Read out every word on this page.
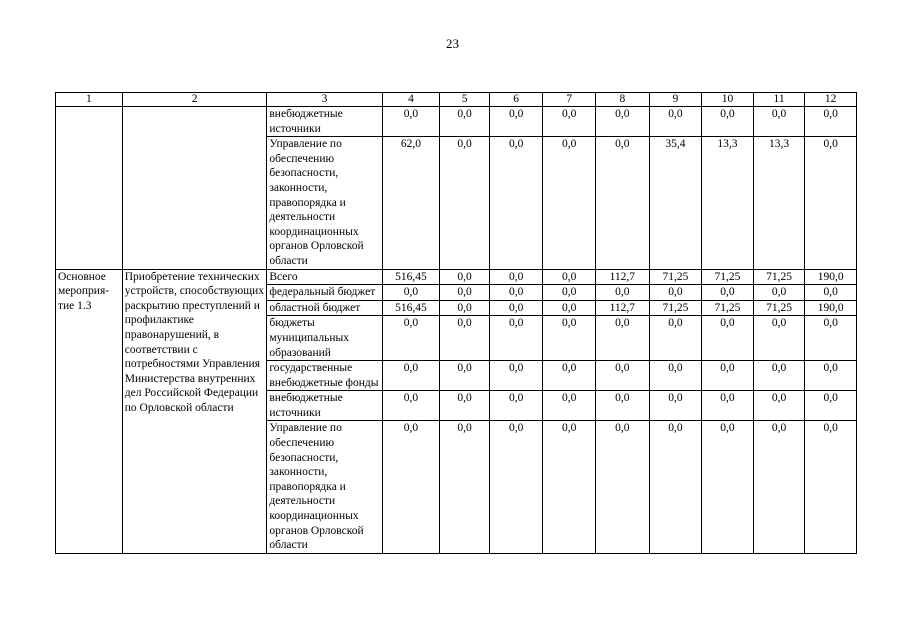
23
1	2	3	4	5	6	7	8	9	10	11	12
		внебюджетные источники	0,0	0,0	0,0	0,0	0,0	0,0	0,0	0,0	0,0
		Управление по обеспечению безопасности, законности, правопорядка и деятельности координационных органов Орловской области	62,0	0,0	0,0	0,0	0,0	35,4	13,3	13,3	0,0
Основное мероприя-тие 1.3	Приобретение технических устройств, способствующих раскрытию преступлений и профилактике правонарушений, в соответствии с потребностями Управления Министерства внутренних дел Российской Федерации по Орловской области	Всего	516,45	0,0	0,0	0,0	112,7	71,25	71,25	71,25	190,0
		федеральный бюджет	0,0	0,0	0,0	0,0	0,0	0,0	0,0	0,0	0,0
		областной бюджет	516,45	0,0	0,0	0,0	112,7	71,25	71,25	71,25	190,0
		бюджеты муниципальных образований	0,0	0,0	0,0	0,0	0,0	0,0	0,0	0,0	0,0
		государственные внебюджетные фонды	0,0	0,0	0,0	0,0	0,0	0,0	0,0	0,0	0,0
		внебюджетные источники	0,0	0,0	0,0	0,0	0,0	0,0	0,0	0,0	0,0
		Управление по обеспечению безопасности, законности, правопорядка и деятельности координационных органов Орловской области	0,0	0,0	0,0	0,0	0,0	0,0	0,0	0,0	0,0
